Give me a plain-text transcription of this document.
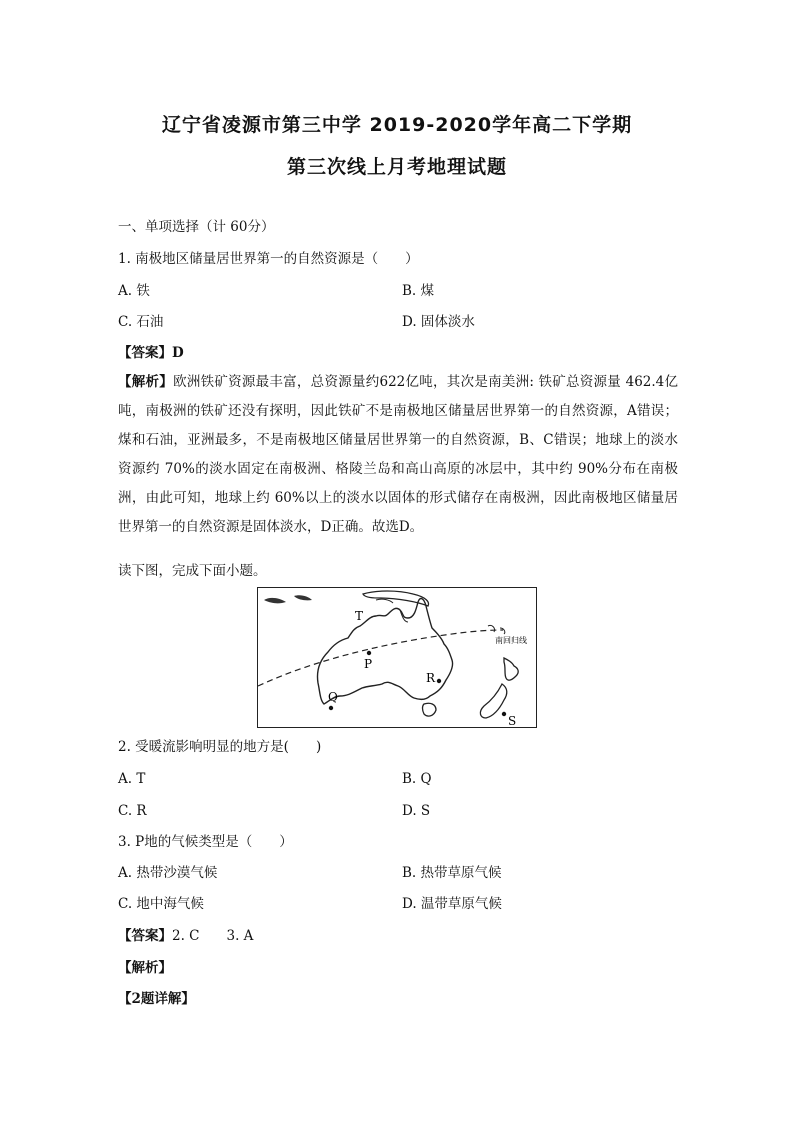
辽宁省凌源市第三中学 2019-2020学年高二下学期
第三次线上月考地理试题
一、单项选择（计 60分）
1. 南极地区储量居世界第一的自然资源是（　　）
A. 铁	B. 煤
C. 石油	D. 固体淡水
【答案】D
【解析】欧洲铁矿资源最丰富，总资源量约622亿吨，其次是南美洲: 铁矿总资源量 462.4亿吨，南极洲的铁矿还没有探明，因此铁矿不是南极地区储量居世界第一的自然资源，A错误；煤和石油，亚洲最多，不是南极地区储量居世界第一的自然资源，B、C错误；地球上的淡水资源约 70%的淡水固定在南极洲、格陵兰岛和高山高原的冰层中，其中约 90%分布在南极洲，由此可知，地球上约 60%以上的淡水以固体的形式储存在南极洲，因此南极地区储量居世界第一的自然资源是固体淡水，D正确。故选D。
读下图，完成下面小题。
T
P
R
Q
S
南回归线
2. 受暖流影响明显的地方是(　　)
A. T	B. Q
C. R	D. S
3. P地的气候类型是（　　）
A. 热带沙漠气候	B. 热带草原气候
C. 地中海气候	D. 温带草原气候
【答案】2. C　　3. A
【解析】
【2题详解】
